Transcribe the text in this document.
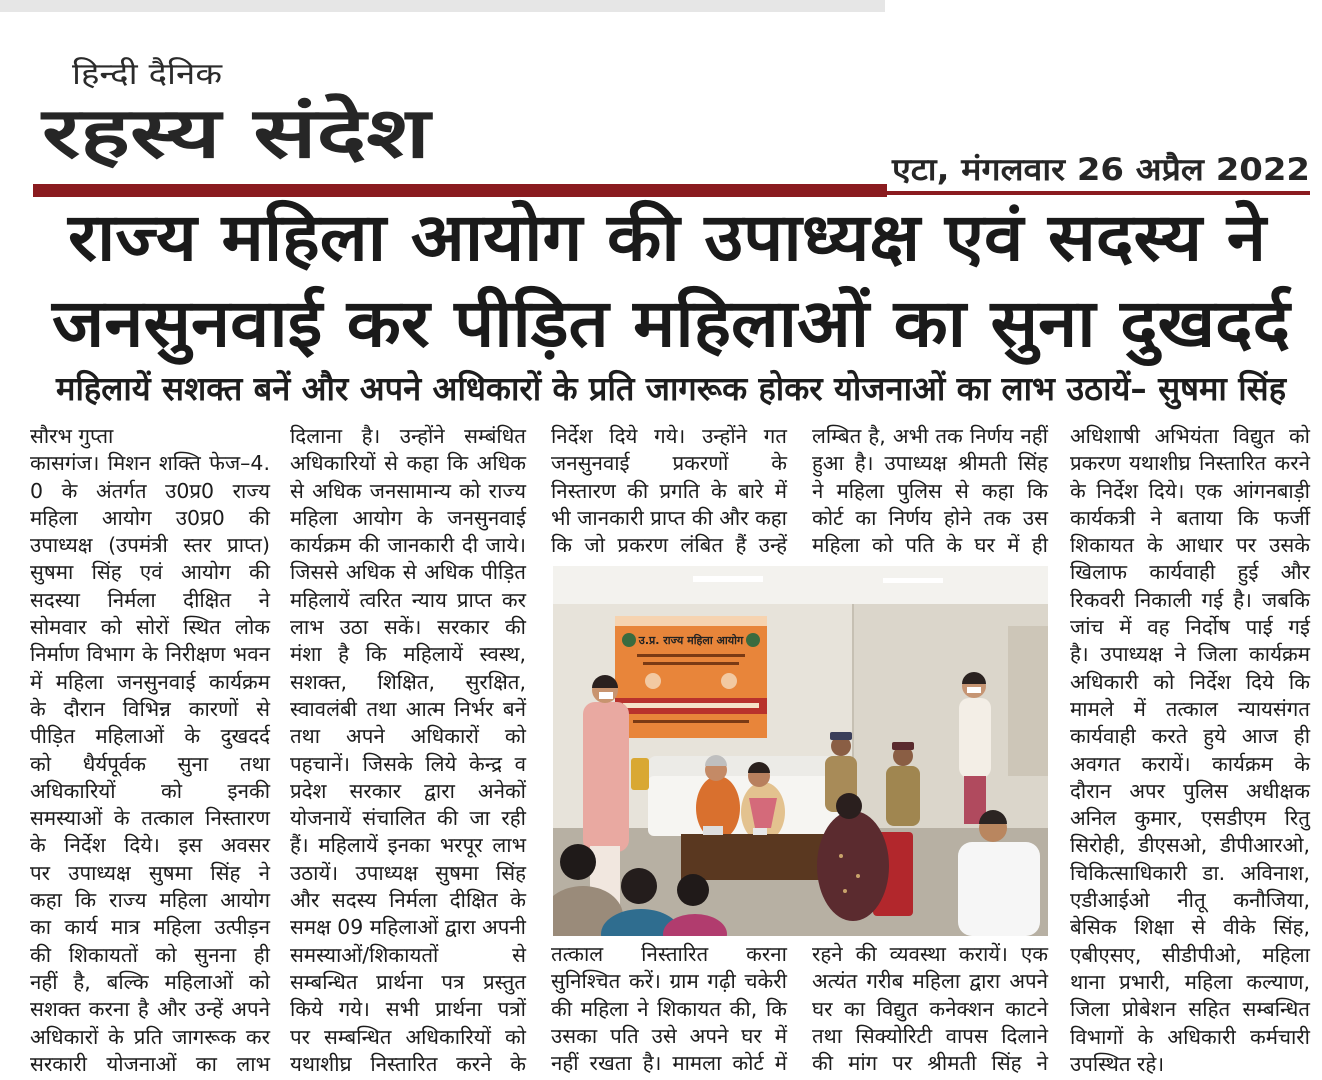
हिन्दी दैनिक
रहस्य संदेश	एटा, मंगलवार 26 अप्रैल 2022
राज्य महिला आयोग की उपाध्यक्ष एवं सदस्य ने
जनसुनवाई कर पीड़ित महिलाओं का सुना दुखदर्द
महिलायें सशक्त बनें और अपने अधिकारों के प्रति जागरूक होकर योजनाओं का लाभ उठायें– सुषमा सिंह
सौरभ गुप्ता
कासगंज। मिशन शक्ति फेज–4.
0 के अंतर्गत उ0प्र0 राज्य
महिला आयोग उ0प्र0 की
उपाध्यक्ष (उपमंत्री स्तर प्राप्त)
सुषमा सिंह एवं आयोग की
सदस्या निर्मला दीक्षित ने
सोमवार को सोरों स्थित लोक
निर्माण विभाग के निरीक्षण भवन
में महिला जनसुनवाई कार्यक्रम
के दौरान विभिन्न कारणों से
पीड़ित महिलाओं के दुखदर्द
को धैर्यपूर्वक सुना तथा
अधिकारियों को इनकी
समस्याओं के तत्काल निस्तारण
के निर्देश दिये। इस अवसर
पर उपाध्यक्ष सुषमा सिंह ने
कहा कि राज्य महिला आयोग
का कार्य मात्र महिला उत्पीड़न
की शिकायतों को सुनना ही
नहीं है, बल्कि महिलाओं को
सशक्त करना है और उन्हें अपने
अधिकारों के प्रति जागरूक कर
सरकारी योजनाओं का लाभ
दिलाना है। उन्होंने सम्बंधित
अधिकारियों से कहा कि अधिक
से अधिक जनसामान्य को राज्य
महिला आयोग के जनसुनवाई
कार्यक्रम की जानकारी दी जाये।
जिससे अधिक से अधिक पीड़ित
महिलायें त्वरित न्याय प्राप्त कर
लाभ उठा सकें। सरकार की
मंशा है कि महिलायें स्वस्थ,
सशक्त, शिक्षित, सुरक्षित,
स्वावलंबी तथा आत्म निर्भर बनें
तथा अपने अधिकारों को
पहचानें। जिसके लिये केन्द्र व
प्रदेश सरकार द्वारा अनेकों
योजनायें संचालित की जा रही
हैं। महिलायें इनका भरपूर लाभ
उठायें। उपाध्यक्ष सुषमा सिंह
और सदस्य निर्मला दीक्षित के
समक्ष 09 महिलाओं द्वारा अपनी
समस्याओं/शिकायतों से
सम्बन्धित प्रार्थना पत्र प्रस्तुत
किये गये। सभी प्रार्थना पत्रों
पर सम्बन्धित अधिकारियों को
यथाशीघ्र निस्तारित करने के
निर्देश दिये गये। उन्होंने गत
जनसुनवाई प्रकरणों के
निस्तारण की प्रगति के बारे में
भी जानकारी प्राप्त की और कहा
कि जो प्रकरण लंबित हैं उन्हें
लम्बित है, अभी तक निर्णय नहीं
हुआ है। उपाध्यक्ष श्रीमती सिंह
ने महिला पुलिस से कहा कि
कोर्ट का निर्णय होने तक उस
महिला को पति के घर में ही
उ.प्र. राज्य महिला आयोग
तत्काल निस्तारित करना
सुनिश्चित करें। ग्राम गढ़ी चकेरी
की महिला ने शिकायत की, कि
उसका पति उसे अपने घर में
नहीं रखता है। मामला कोर्ट में
रहने की व्यवस्था करायें। एक
अत्यंत गरीब महिला द्वारा अपने
घर का विद्युत कनेक्शन काटने
तथा सिक्योरिटी वापस दिलाने
की मांग पर श्रीमती सिंह ने
अधिशाषी अभियंता विद्युत को
प्रकरण यथाशीघ्र निस्तारित करने
के निर्देश दिये। एक आंगनबाड़ी
कार्यकत्री ने बताया कि फर्जी
शिकायत के आधार पर उसके
खिलाफ कार्यवाही हुई और
रिकवरी निकाली गई है। जबकि
जांच में वह निर्दोष पाई गई
है। उपाध्यक्ष ने जिला कार्यक्रम
अधिकारी को निर्देश दिये कि
मामले में तत्काल न्यायसंगत
कार्यवाही करते हुये आज ही
अवगत करायें। कार्यक्रम के
दौरान अपर पुलिस अधीक्षक
अनिल कुमार, एसडीएम रितु
सिरोही, डीएसओ, डीपीआरओ,
चिकित्साधिकारी डा. अविनाश,
एडीआईओ नीतू कनौजिया,
बेसिक शिक्षा से वीके सिंह,
एबीएसए, सीडीपीओ, महिला
थाना प्रभारी, महिला कल्याण,
जिला प्रोबेशन सहित सम्बन्धित
विभागों के अधिकारी कर्मचारी
उपस्थित रहे।
